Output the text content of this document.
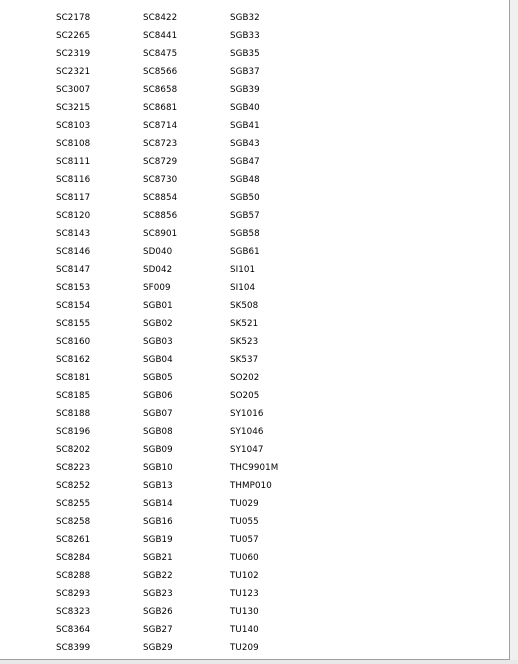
SC2178
SC2265
SC2319
SC2321
SC3007
SC3215
SC8103
SC8108
SC8111
SC8116
SC8117
SC8120
SC8143
SC8146
SC8147
SC8153
SC8154
SC8155
SC8160
SC8162
SC8181
SC8185
SC8188
SC8196
SC8202
SC8223
SC8252
SC8255
SC8258
SC8261
SC8284
SC8288
SC8293
SC8323
SC8364
SC8399
SC8422
SC8441
SC8475
SC8566
SC8658
SC8681
SC8714
SC8723
SC8729
SC8730
SC8854
SC8856
SC8901
SD040
SD042
SF009
SGB01
SGB02
SGB03
SGB04
SGB05
SGB06
SGB07
SGB08
SGB09
SGB10
SGB13
SGB14
SGB16
SGB19
SGB21
SGB22
SGB23
SGB26
SGB27
SGB29
SGB32
SGB33
SGB35
SGB37
SGB39
SGB40
SGB41
SGB43
SGB47
SGB48
SGB50
SGB57
SGB58
SGB61
SI101
SI104
SK508
SK521
SK523
SK537
SO202
SO205
SY1016
SY1046
SY1047
THC9901M
THMP010
TU029
TU055
TU057
TU060
TU102
TU123
TU130
TU140
TU209
